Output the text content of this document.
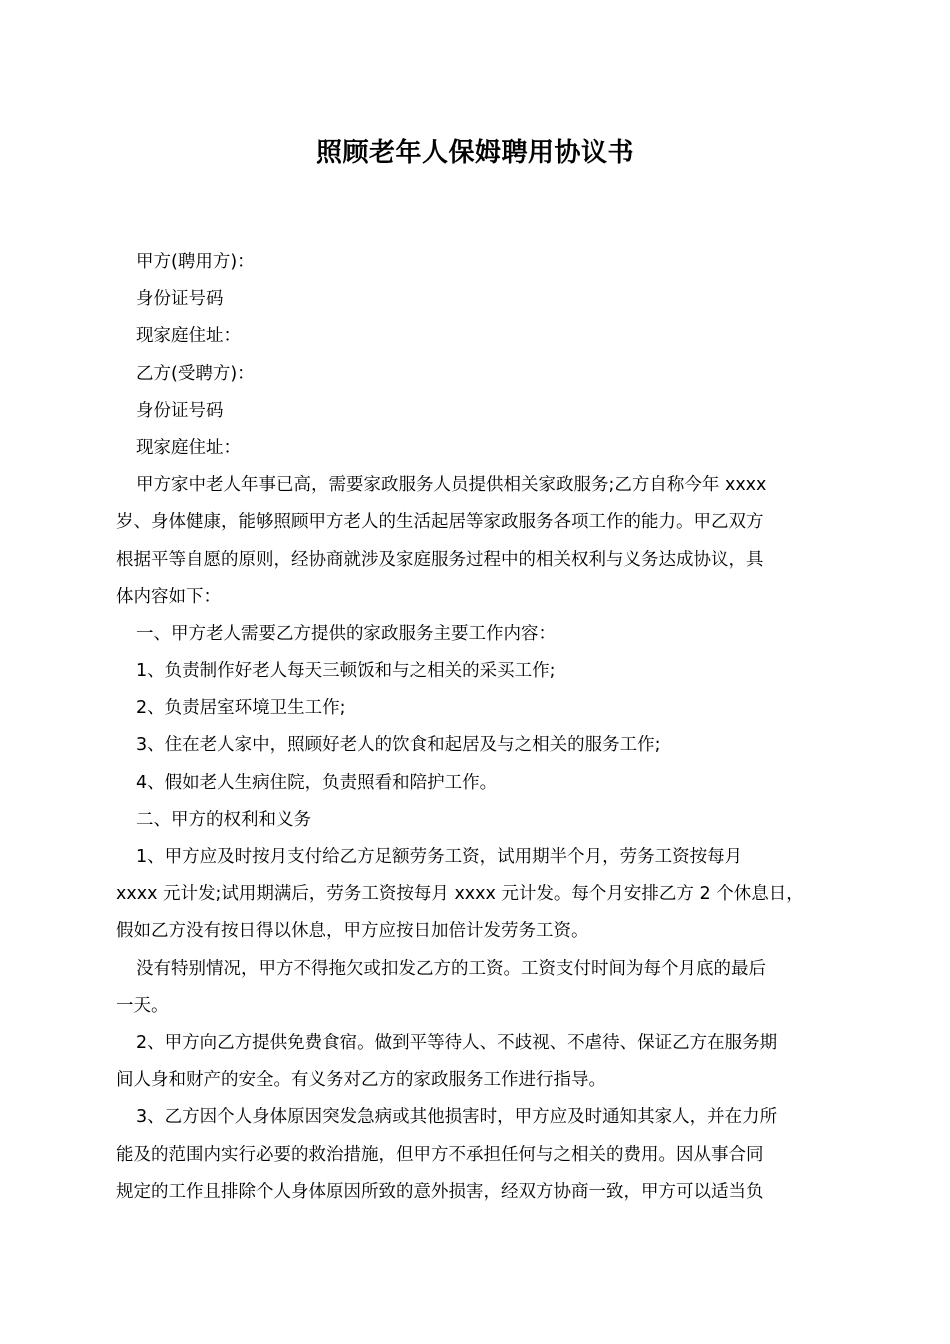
照顾老年人保姆聘用协议书
甲方(聘用方)：
身份证号码
现家庭住址：
乙方(受聘方)：
身份证号码
现家庭住址：
甲方家中老人年事已高，需要家政服务人员提供相关家政服务;乙方自称今年 xxxx
岁、身体健康，能够照顾甲方老人的生活起居等家政服务各项工作的能力。甲乙双方
根据平等自愿的原则，经协商就涉及家庭服务过程中的相关权利与义务达成协议，具
体内容如下：
一、甲方老人需要乙方提供的家政服务主要工作内容：
1、负责制作好老人每天三顿饭和与之相关的采买工作;
2、负责居室环境卫生工作;
3、住在老人家中，照顾好老人的饮食和起居及与之相关的服务工作;
4、假如老人生病住院，负责照看和陪护工作。
二、甲方的权利和义务
1、甲方应及时按月支付给乙方足额劳务工资，试用期半个月，劳务工资按每月
xxxx 元计发;试用期满后，劳务工资按每月 xxxx 元计发。每个月安排乙方 2 个休息日，
假如乙方没有按日得以休息，甲方应按日加倍计发劳务工资。
没有特别情况，甲方不得拖欠或扣发乙方的工资。工资支付时间为每个月底的最后
一天。
2、甲方向乙方提供免费食宿。做到平等待人、不歧视、不虐待、保证乙方在服务期
间人身和财产的安全。有义务对乙方的家政服务工作进行指导。
3、乙方因个人身体原因突发急病或其他损害时，甲方应及时通知其家人，并在力所
能及的范围内实行必要的救治措施，但甲方不承担任何与之相关的费用。因从事合同
规定的工作且排除个人身体原因所致的意外损害，经双方协商一致，甲方可以适当负
